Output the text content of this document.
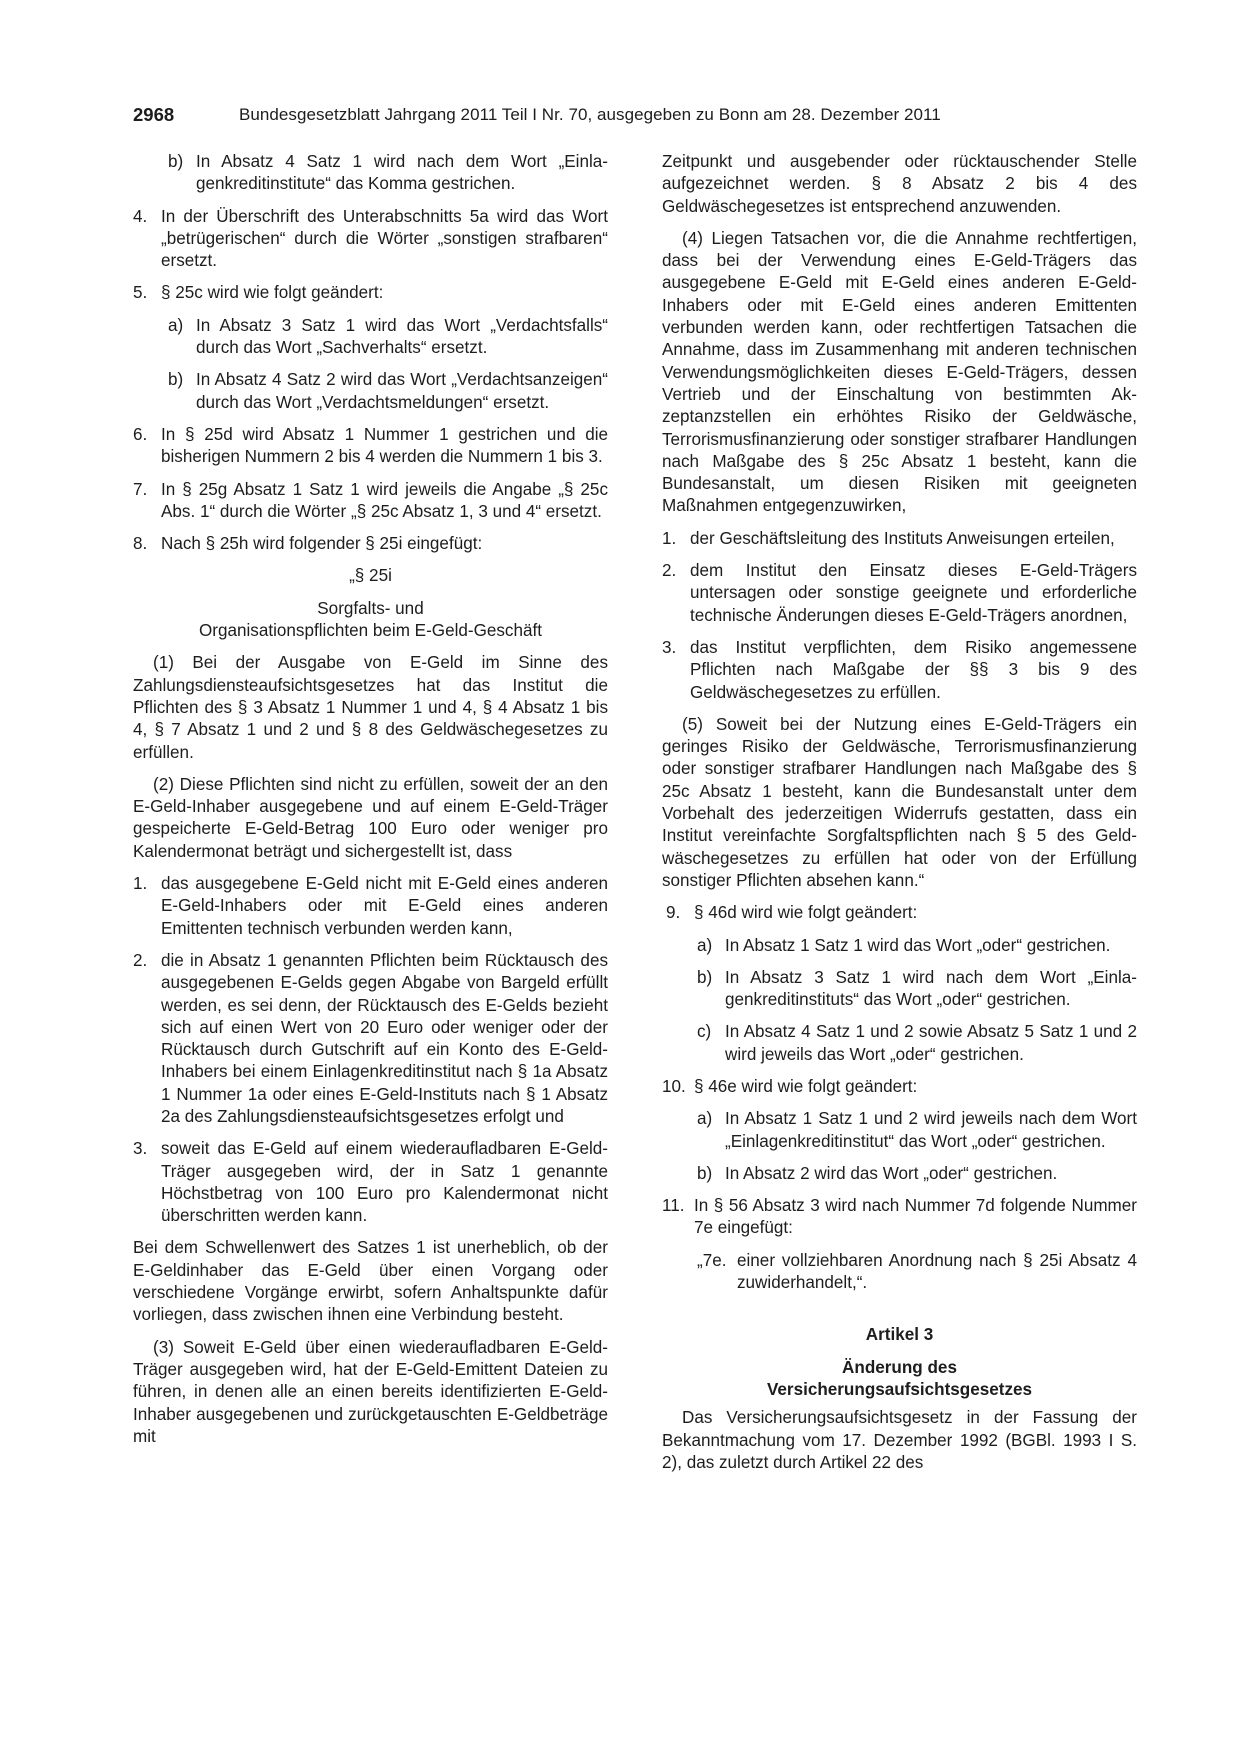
2968	Bundesgesetzblatt Jahrgang 2011 Teil I Nr. 70, ausgegeben zu Bonn am 28. Dezember 2011
b) In Absatz 4 Satz 1 wird nach dem Wort „Einlagenkreditinstitute“ das Komma gestrichen.
4. In der Überschrift des Unterabschnitts 5a wird das Wort „betrügerischen“ durch die Wörter „sonstigen strafbaren“ ersetzt.
5. § 25c wird wie folgt geändert:
a) In Absatz 3 Satz 1 wird das Wort „Verdachtsfalls“ durch das Wort „Sachverhalts“ ersetzt.
b) In Absatz 4 Satz 2 wird das Wort „Verdachtsanzeigen“ durch das Wort „Verdachtsmeldungen“ ersetzt.
6. In § 25d wird Absatz 1 Nummer 1 gestrichen und die bisherigen Nummern 2 bis 4 werden die Nummern 1 bis 3.
7. In § 25g Absatz 1 Satz 1 wird jeweils die Angabe „§ 25c Abs. 1“ durch die Wörter „§ 25c Absatz 1, 3 und 4“ ersetzt.
8. Nach § 25h wird folgender § 25i eingefügt:

„§ 25i

Sorgfalts- und

Organisationspflichten beim E-Geld-Geschäft

(1) Bei der Ausgabe von E-Geld im Sinne des Zahlungsdiensteaufsichtsgesetzes hat das Institut die Pflichten des § 3 Absatz 1 Nummer 1 und 4, § 4 Absatz 1 bis 4, § 7 Absatz 1 und 2 und § 8 des Geldwäschegesetzes zu erfüllen.

(2) Diese Pflichten sind nicht zu erfüllen, soweit der an den E-Geld-Inhaber ausgegebene und auf einem E-Geld-Träger gespeicherte E-Geld-Betrag 100 Euro oder weniger pro Kalendermonat beträgt und sichergestellt ist, dass

1. das ausgegebene E-Geld nicht mit E-Geld eines anderen E-Geld-Inhabers oder mit E-Geld eines anderen Emittenten technisch verbunden werden kann,
2. die in Absatz 1 genannten Pflichten beim Rücktausch des ausgegebenen E-Gelds gegen Abgabe von Bargeld erfüllt werden, es sei denn, der Rücktausch des E-Gelds bezieht sich auf einen Wert von 20 Euro oder weniger oder der Rücktausch durch Gutschrift auf ein Konto des E-Geld-Inhabers bei einem Einlagenkreditinstitut nach § 1a Absatz 1 Nummer 1a oder eines E-Geld-Instituts nach § 1 Absatz 2a des Zahlungsdiensteaufsichtsgesetzes erfolgt und
3. soweit das E-Geld auf einem wiederaufladbaren E-Geld-Träger ausgegeben wird, der in Satz 1 genannte Höchstbetrag von 100 Euro pro Kalendermonat nicht überschritten werden kann.

Bei dem Schwellenwert des Satzes 1 ist unerheblich, ob der E-Geldinhaber das E-Geld über einen Vorgang oder verschiedene Vorgänge erwirbt, sofern Anhaltspunkte dafür vorliegen, dass zwischen ihnen eine Verbindung besteht.

(3) Soweit E-Geld über einen wiederaufladbaren E-Geld-Träger ausgegeben wird, hat der E-Geld-Emittent Dateien zu führen, in denen alle an einen bereits identifizierten E-Geld-Inhaber ausgegebenen und zurückgetauschten E-Geldbeträge mit

Zeitpunkt und ausgebender oder rücktauschender Stelle aufgezeichnet werden. § 8 Absatz 2 bis 4 des Geldwäschegesetzes ist entsprechend anzuwenden.

(4) Liegen Tatsachen vor, die die Annahme rechtfertigen, dass bei der Verwendung eines E-Geld-Trägers das ausgegebene E-Geld mit E-Geld eines anderen E-Geld-Inhabers oder mit E-Geld eines anderen Emittenten verbunden werden kann, oder rechtfertigen Tatsachen die Annahme, dass im Zusammenhang mit anderen technischen Verwendungsmöglichkeiten dieses E-Geld-Trägers, dessen Vertrieb und der Einschaltung von bestimmten Akzeptanzstellen ein erhöhtes Risiko der Geldwäsche, Terrorismusfinanzierung oder sonstiger strafbarer Handlungen nach Maßgabe des § 25c Absatz 1 besteht, kann die Bundesanstalt, um diesen Risiken mit geeigneten Maßnahmen entgegenzuwirken,

1. der Geschäftsleitung des Instituts Anweisungen erteilen,
2. dem Institut den Einsatz dieses E-Geld-Trägers untersagen oder sonstige geeignete und erforderliche technische Änderungen dieses E-Geld-Trägers anordnen,
3. das Institut verpflichten, dem Risiko angemessene Pflichten nach Maßgabe der §§ 3 bis 9 des Geldwäschegesetzes zu erfüllen.

(5) Soweit bei der Nutzung eines E-Geld-Trägers ein geringes Risiko der Geldwäsche, Terrorismusfinanzierung oder sonstiger strafbarer Handlungen nach Maßgabe des § 25c Absatz 1 besteht, kann die Bundesanstalt unter dem Vorbehalt des jederzeitigen Widerrufs gestatten, dass ein Institut vereinfachte Sorgfaltspflichten nach § 5 des Geldwäschegesetzes zu erfüllen hat oder von der Erfüllung sonstiger Pflichten absehen kann.“

9. § 46d wird wie folgt geändert:
a) In Absatz 1 Satz 1 wird das Wort „oder“ gestrichen.
b) In Absatz 3 Satz 1 wird nach dem Wort „Einlagenkreditinstituts“ das Wort „oder“ gestrichen.
c) In Absatz 4 Satz 1 und 2 sowie Absatz 5 Satz 1 und 2 wird jeweils das Wort „oder“ gestrichen.
10. § 46e wird wie folgt geändert:
a) In Absatz 1 Satz 1 und 2 wird jeweils nach dem Wort „Einlagenkreditinstitut“ das Wort „oder“ gestrichen.
b) In Absatz 2 wird das Wort „oder“ gestrichen.
11. In § 56 Absatz 3 wird nach Nummer 7d folgende Nummer 7e eingefügt:
„7e. einer vollziehbaren Anordnung nach § 25i Absatz 4 zuwiderhandelt,“.

Artikel 3

Änderung des

Versicherungsaufsichtsgesetzes

Das Versicherungsaufsichtsgesetz in der Fassung der Bekanntmachung vom 17. Dezember 1992 (BGBl. 1993 I S. 2), das zuletzt durch Artikel 22 des
